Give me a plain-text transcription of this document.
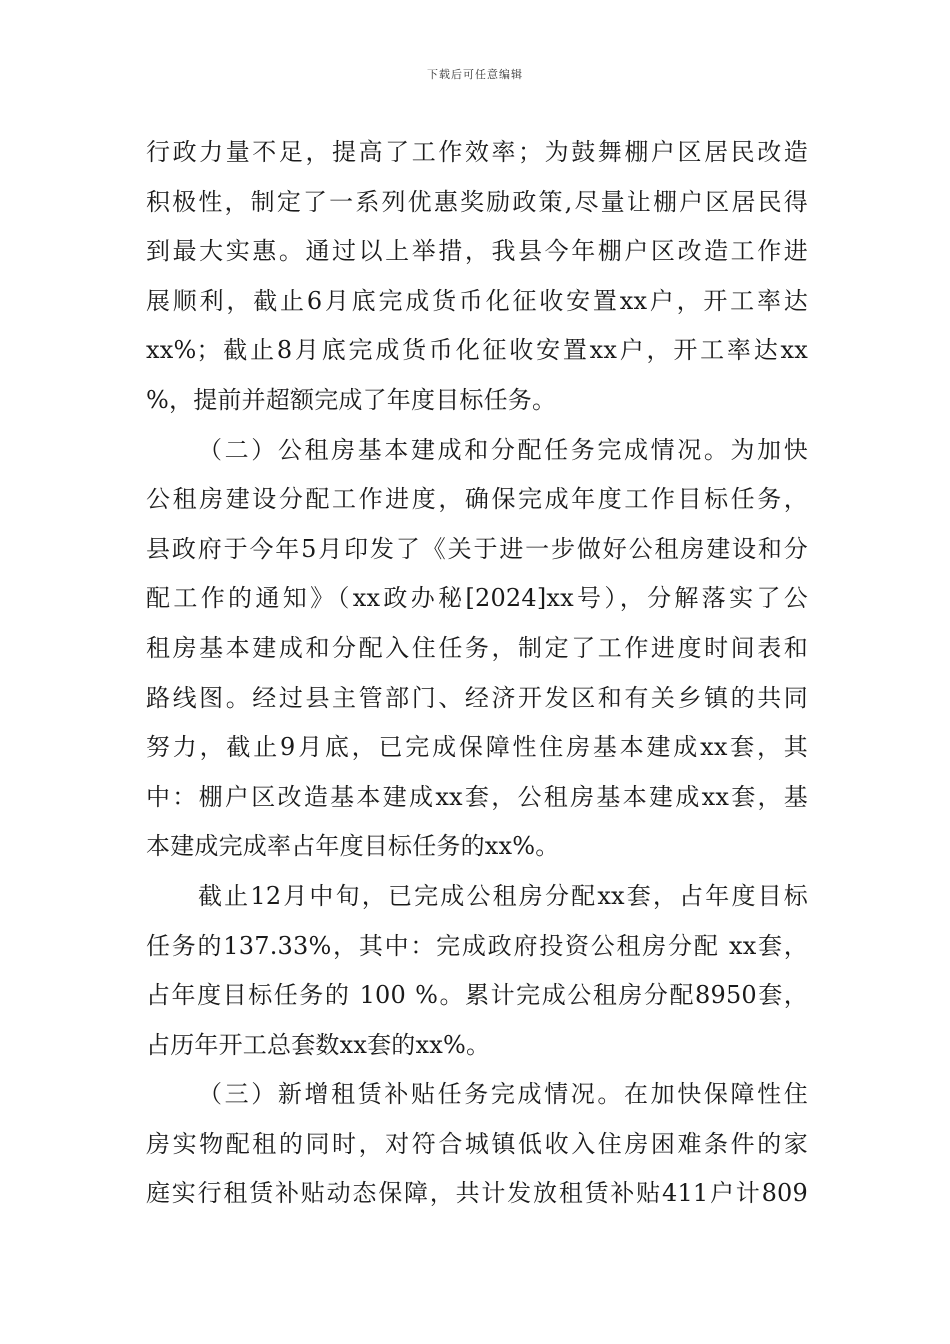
下载后可任意编辑
行政力量不足，提高了工作效率；为鼓舞棚户区居民改造
积极性，制定了一系列优惠奖励政策,尽量让棚户区居民得
到最大实惠。通过以上举措，我县今年棚户区改造工作进
展顺利，截止6月底完成货币化征收安置xx户，开工率达
xx%；截止8月底完成货币化征收安置xx户，开工率达xx
%，提前并超额完成了年度目标任务。
（二）公租房基本建成和分配任务完成情况。为加快
公租房建设分配工作进度，确保完成年度工作目标任务，
县政府于今年5月印发了《关于进一步做好公租房建设和分
配工作的通知》（xx政办秘[2024]xx号），分解落实了公
租房基本建成和分配入住任务，制定了工作进度时间表和
路线图。经过县主管部门、经济开发区和有关乡镇的共同
努力，截止9月底，已完成保障性住房基本建成xx套，其
中：棚户区改造基本建成xx套，公租房基本建成xx套，基
本建成完成率占年度目标任务的xx%。
截止12月中旬，已完成公租房分配xx套，占年度目标
任务的137.33%，其中：完成政府投资公租房分配 xx套，
占年度目标任务的 100 %。累计完成公租房分配8950套，
占历年开工总套数xx套的xx%。
（三）新增租赁补贴任务完成情况。在加快保障性住
房实物配租的同时，对符合城镇低收入住房困难条件的家
庭实行租赁补贴动态保障，共计发放租赁补贴411户计809
